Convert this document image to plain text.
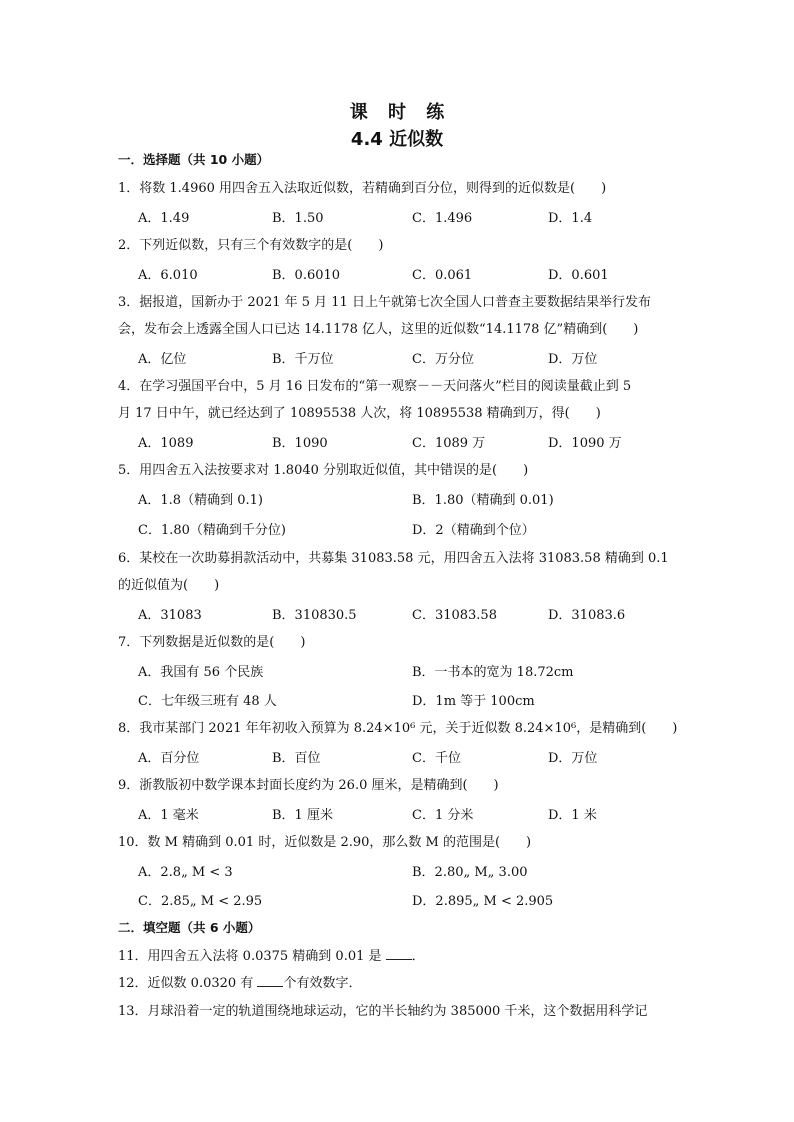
课 时 练
4.4 近似数
一．选择题（共 10 小题）
1．将数 1.4960 用四舍五入法取近似数，若精确到百分位，则得到的近似数是(　　)
A．1.49	B．1.50	C．1.496	D．1.4
2．下列近似数，只有三个有效数字的是(　　)
A．6.010	B．0.6010	C．0.061	D．0.601
3．据报道，国新办于 2021 年 5 月 11 日上午就第七次全国人口普查主要数据结果举行发布
会，发布会上透露全国人口已达 14.1178 亿人，这里的近似数“14.1178 亿”精确到(　　)
A．亿位	B．千万位	C．万分位	D．万位
4．在学习强国平台中，5 月 16 日发布的“第一观察－－天问落火”栏目的阅读量截止到 5
月 17 日中午，就已经达到了 10895538 人次，将 10895538 精确到万，得(　　)
A．1089	B．1090	C．1089 万	D．1090 万
5．用四舍五入法按要求对 1.8040 分别取近似值，其中错误的是(　　)
A．1.8（精确到 0.1)	B．1.80（精确到 0.01)
C．1.80（精确到千分位)	D．2（精确到个位）
6．某校在一次助募捐款活动中，共募集 31083.58 元，用四舍五入法将 31083.58 精确到 0.1
的近似值为(　　)
A．31083	B．310830.5	C．31083.58	D．31083.6
7．下列数据是近似数的是(　　)
A．我国有 56 个民族	B．一书本的宽为 18.72cm
C．七年级三班有 48 人	D．1m 等于 100cm
8．我市某部门 2021 年年初收入预算为 8.24×10⁶ 元，关于近似数 8.24×10⁶，是精确到(　　)
A．百分位	B．百位	C．千位	D．万位
9．浙教版初中数学课本封面长度约为 26.0 厘米，是精确到(　　)
A．1 毫米	B．1 厘米	C．1 分米	D．1 米
10．数 M 精确到 0.01 时，近似数是 2.90，那么数 M 的范围是(　　)
A．2.8„ M < 3	B．2.80„ M„ 3.00
C．2.85„ M < 2.95	D．2.895„ M < 2.905
二．填空题（共 6 小题）
11．用四舍五入法将 0.0375 精确到 0.01 是 ．
12．近似数 0.0320 有 个有效数字．
13．月球沿着一定的轨道围绕地球运动，它的半长轴约为 385000 千米，这个数据用科学记
